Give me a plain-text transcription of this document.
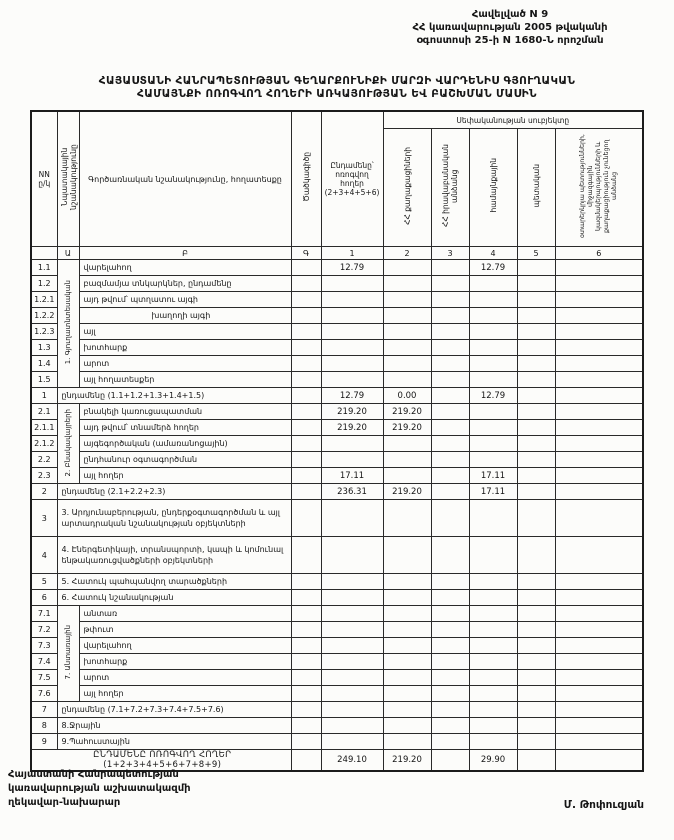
Հավելված N 9
ՀՀ կառավարության 2005 թվականի
օգոստոսի 25-ի N 1680-Ն որոշման
ՀԱՅԱՍՏԱՆԻ ՀԱՆՐԱՊԵՏՈՒԹՅԱՆ ԳԵՂԱՐՔՈՒՆԻՔԻ ՄԱՐԶԻ ՎԱՐԴԵՆԻՍ ԳՅՈՒՂԱԿԱՆ
ՀԱՄԱՅՆՔԻ ՈՌՈԳՎՈՂ ՀՈՂԵՐԻ ԱՌԿԱՅՈՒԹՅԱՆ ԵՎ ԲԱՇԽՄԱՆ ՄԱՍԻՆ
NN ը/կ	Նպատակային նշանակությունը	Գործառնական նշանակությունը, հողատեսքը	Ծածկագիծը	Ընդամենը՝ ոռոգվող հողեր (2+3+4+5+6)	Սեփականության սուբյեկտը				
					ՀՀ քաղաքացիների	ՀՀ իրավաբանական անձանց	համայնքային	պետական	օտարերկրյա պետությունների, միջազգային կազմակերպությունների և քաղաքացիություն չունեցող անձանց
	Ա	Բ	Գ	1	2	3	4	5	6
1.1	1. Գյուղատնտեսական	վարելահող		12.79			12.79		
1.2		բազմամյա տնկարկներ, ընդամենը							
1.2.1		այդ թվում՝ պտղատու այգի							
1.2.2		խաղողի այգի							
1.2.3		այլ							
1.3		խոտհարք							
1.4		արոտ							
1.5		այլ հողատեսքեր							
1	ընդամենը (1.1+1.2+1.3+1.4+1.5)			12.79	0.00		12.79		
2.1	2. Բնակավայրերի	բնակելի կառուցապատման		219.20	219.20				
2.1.1		այդ թվում՝ տնամերձ հողեր		219.20	219.20				
2.1.2		այգեգործական (ամառանոցային)							
2.2		ընդհանուր օգտագործման							
2.3		այլ հողեր		17.11			17.11		
2	ընդամենը (2.1+2.2+2.3)			236.31	219.20		17.11		
3	3. Արդյունաբերության, ընդերքօգտագործման և այլ արտադրական նշանակության օբյեկտների								
4	4. Էներգետիկայի, տրանսպորտի, կապի և կոմունալ ենթակառուցվածքների օբյեկտների								
5	5. Հատուկ պահպանվող տարածքների								
6	6. Հատուկ նշանակության								
7.1	7. Անտառային	անտառ							
7.2		թփուտ							
7.3		վարելահող							
7.4		խոտհարք							
7.5		արոտ							
7.6		այլ հողեր							
7	ընդամենը (7.1+7.2+7.3+7.4+7.5+7.6)								
8	8.Ջրային								
9	9.Պահուստային								
ԸՆԴԱՄԵՆԸ ՈՌՈԳՎՈՂ ՀՈՂԵՐ (1+2+3+4+5+6+7+8+9)				249.10	219.20		29.90		
Հայաստանի Հանրապետության
կառավարության աշխատակազմի
ղեկավար-նախարար	Մ. Թոփուզյան
